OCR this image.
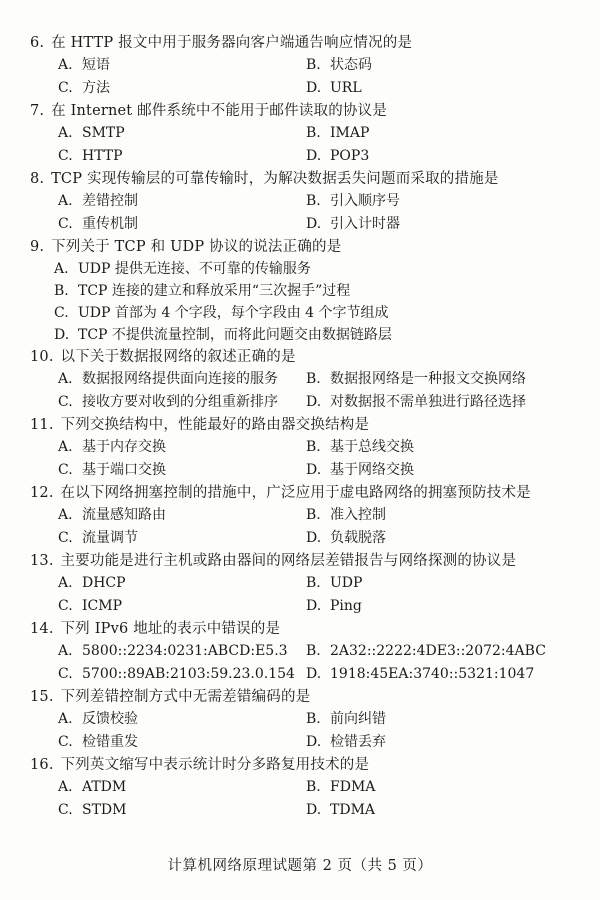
6. 在 HTTP 报文中用于服务器向客户端通告响应情况的是
A. 短语	B. 状态码
C. 方法	D. URL
7. 在 Internet 邮件系统中不能用于邮件读取的协议是
A. SMTP	B. IMAP
C. HTTP	D. POP3
8. TCP 实现传输层的可靠传输时，为解决数据丢失问题而采取的措施是
A. 差错控制	B. 引入顺序号
C. 重传机制	D. 引入计时器
9. 下列关于 TCP 和 UDP 协议的说法正确的是
A. UDP 提供无连接、不可靠的传输服务
B. TCP 连接的建立和释放采用“三次握手”过程
C. UDP 首部为 4 个字段，每个字段由 4 个字节组成
D. TCP 不提供流量控制，而将此问题交由数据链路层
10. 以下关于数据报网络的叙述正确的是
A. 数据报网络提供面向连接的服务	B. 数据报网络是一种报文交换网络
C. 接收方要对收到的分组重新排序	D. 对数据报不需单独进行路径选择
11. 下列交换结构中，性能最好的路由器交换结构是
A. 基于内存交换	B. 基于总线交换
C. 基于端口交换	D. 基于网络交换
12. 在以下网络拥塞控制的措施中，广泛应用于虚电路网络的拥塞预防技术是
A. 流量感知路由	B. 准入控制
C. 流量调节	D. 负载脱落
13. 主要功能是进行主机或路由器间的网络层差错报告与网络探测的协议是
A. DHCP	B. UDP
C. ICMP	D. Ping
14. 下列 IPv6 地址的表示中错误的是
A. 5800::2234:0231:ABCD:E5.3	B. 2A32::2222:4DE3::2072:4ABC
C. 5700::89AB:2103:59.23.0.154 D. 1918:45EA:3740::5321:1047
15. 下列差错控制方式中无需差错编码的是
A. 反馈校验	B. 前向纠错
C. 检错重发	D. 检错丢弃
16. 下列英文缩写中表示统计时分多路复用技术的是
A. ATDM	B. FDMA
C. STDM	D. TDMA
计算机网络原理试题第 2 页（共 5 页）
